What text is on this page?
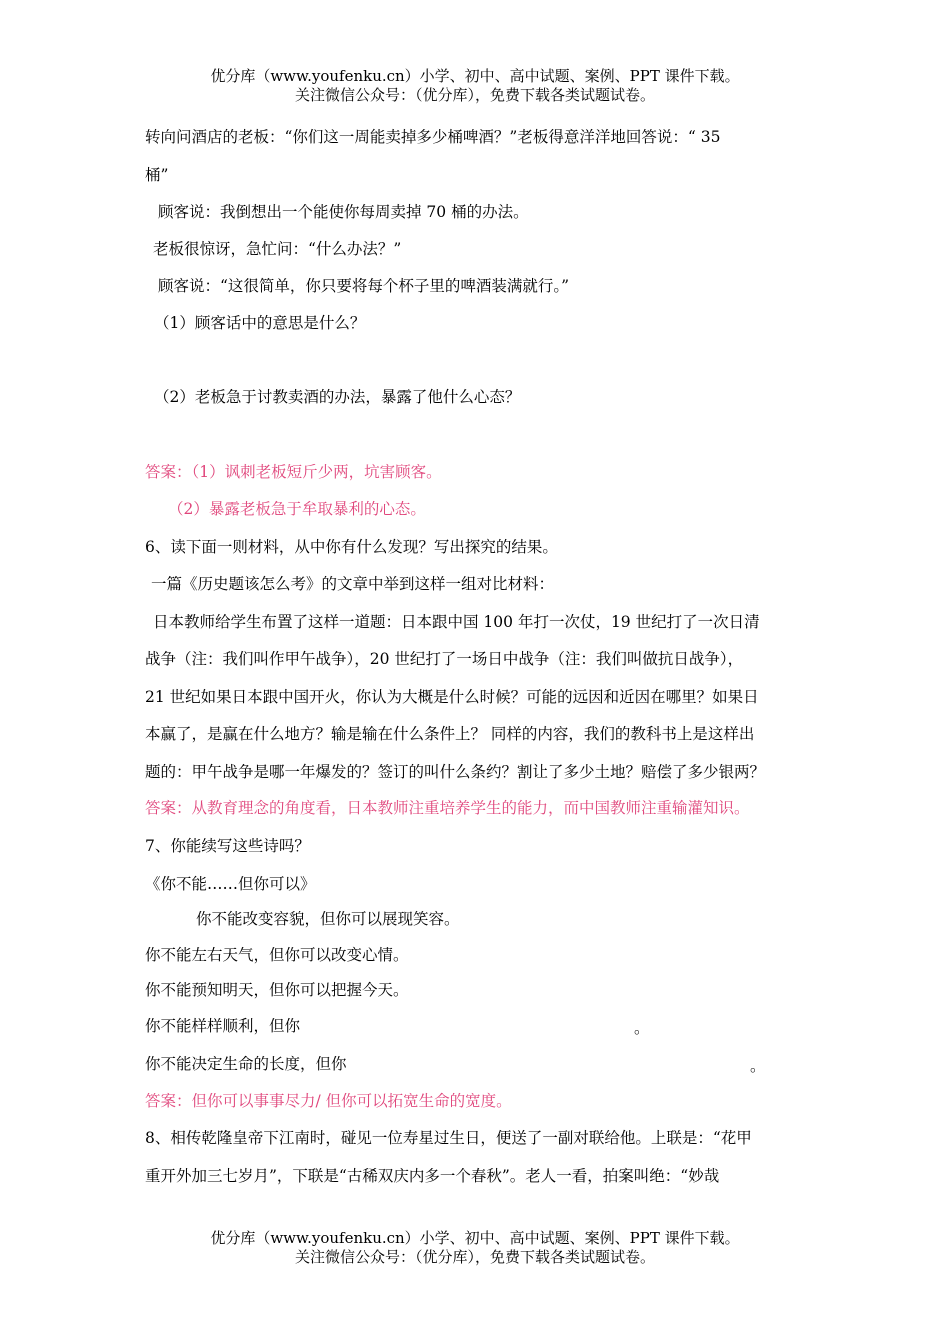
优分库（www.youfenku.cn）小学、初中、高中试题、案例、PPT 课件下载。
关注微信公众号：（优分库），免费下载各类试题试卷。
转向问酒店的老板：“你们这一周能卖掉多少桶啤酒？”老板得意洋洋地回答说：“ 35
桶”
顾客说：我倒想出一个能使你每周卖掉 70 桶的办法。
老板很惊讶，急忙问：“什么办法？”
顾客说：“这很简单，你只要将每个杯子里的啤酒装满就行。”
（1）顾客话中的意思是什么？
（2）老板急于讨教卖酒的办法，暴露了他什么心态？
答案：（1）讽刺老板短斤少两，坑害顾客。
（2）暴露老板急于牟取暴利的心态。
6、读下面一则材料，从中你有什么发现？写出探究的结果。
一篇《历史题该怎么考》的文章中举到这样一组对比材料：
日本教师给学生布置了这样一道题：日本跟中国 100 年打一次仗，19 世纪打了一次日清
战争（注：我们叫作甲午战争），20 世纪打了一场日中战争（注：我们叫做抗日战争），
21 世纪如果日本跟中国开火，你认为大概是什么时候？可能的远因和近因在哪里？如果日
本赢了，是赢在什么地方？输是输在什么条件上？ 同样的内容，我们的教科书上是这样出
题的：甲午战争是哪一年爆发的？签订的叫什么条约？割让了多少土地？赔偿了多少银两？
答案：从教育理念的角度看，日本教师注重培养学生的能力，而中国教师注重输灌知识。
7、你能续写这些诗吗？
《你不能……但你可以》
你不能改变容貌，但你可以展现笑容。
你不能左右天气，但你可以改变心情。
你不能预知明天，但你可以把握今天。
你不能样样顺利，但你	。
你不能决定生命的长度，但你	。
答案：但你可以事事尽力/ 但你可以拓宽生命的宽度。
8、相传乾隆皇帝下江南时，碰见一位寿星过生日，便送了一副对联给他。上联是：“花甲
重开外加三七岁月”，下联是“古稀双庆内多一个春秋”。老人一看，拍案叫绝：“妙哉
优分库（www.youfenku.cn）小学、初中、高中试题、案例、PPT 课件下载。
关注微信公众号：（优分库），免费下载各类试题试卷。
